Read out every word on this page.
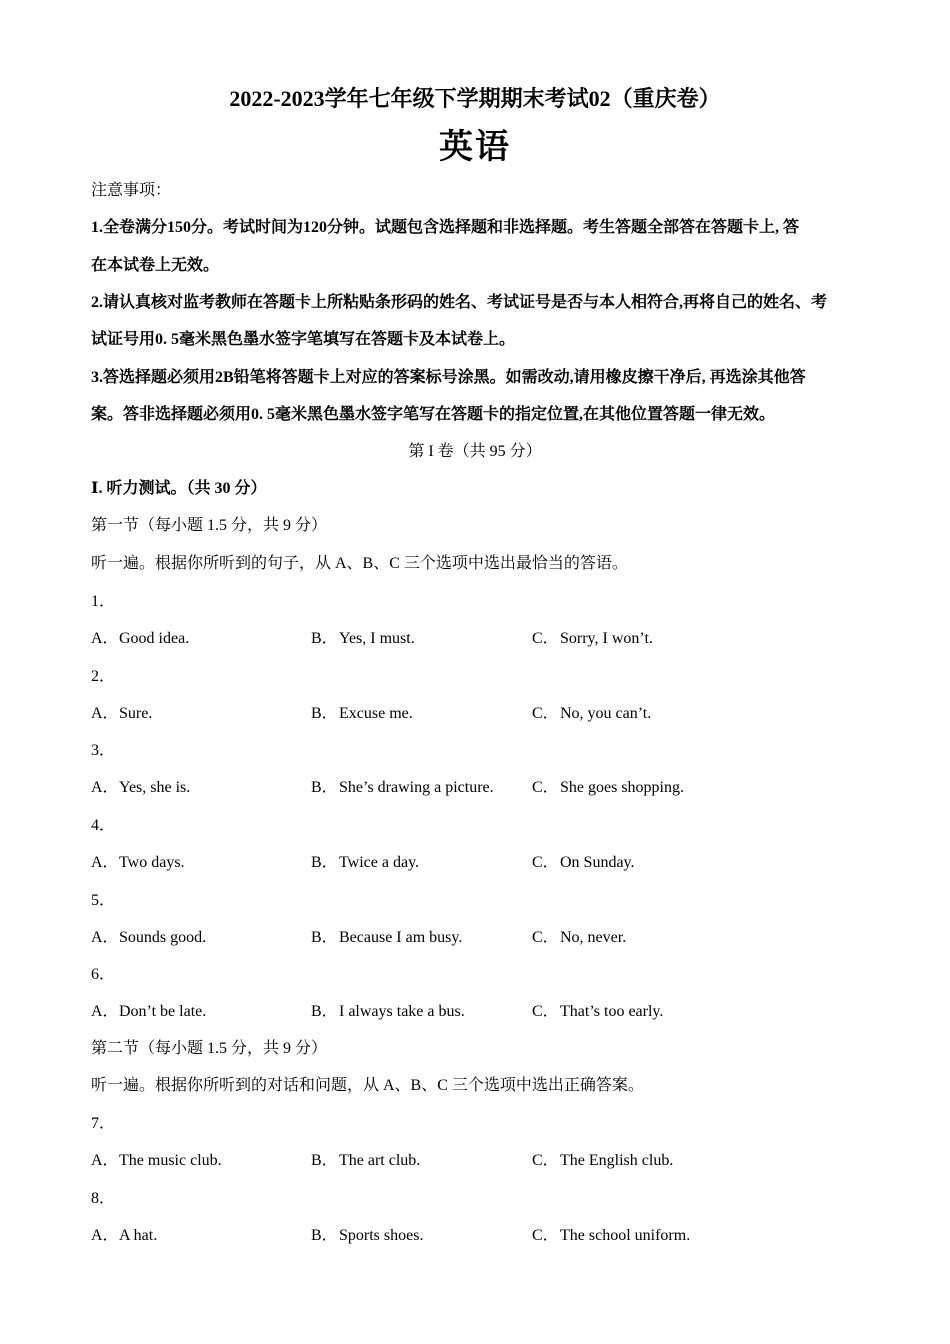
2022-2023学年七年级下学期期末考试02（重庆卷）
英语
注意事项：
1.全卷满分150分。考试时间为120分钟。试题包含选择题和非选择题。考生答题全部答在答题卡上, 答
在本试卷上无效。
2.请认真核对监考教师在答题卡上所粘贴条形码的姓名、考试证号是否与本人相符合,再将自己的姓名、考
试证号用0. 5毫米黑色墨水签字笔填写在答题卡及本试卷上。
3.答选择题必须用2B铅笔将答题卡上对应的答案标号涂黑。如需改动,请用橡皮擦干净后, 再选涂其他答
案。答非选择题必须用0. 5毫米黑色墨水签字笔写在答题卡的指定位置,在其他位置答题一律无效。
第 I 卷（共 95 分）
Ⅰ. 听力测试。（共 30 分）
第一节（每小题 1.5 分，共 9 分）
听一遍。根据你所听到的句子，从 A、B、C 三个选项中选出最恰当的答语。
第二节（每小题 1.5 分，共 9 分）
听一遍。根据你所听到的对话和问题，从 A、B、C 三个选项中选出正确答案。
1．
A．Good idea.	B．Yes, I must.	C．Sorry, I won’t.
2．
A．Sure.	B．Excuse me.	C．No, you can’t.
3．
A．Yes, she is.	B．She’s drawing a picture. C．She goes shopping.
4．
A．Two days.	B．Twice a day.	C．On Sunday.
5．
A．Sounds good.	B．Because I am busy.	C．No, never.
6．
A．Don’t be late.	B．I always take a bus.	C．That’s too early.
7．
A．The music club.	B．The art club.	C．The English club.
8．
A．A hat.	B．Sports shoes.	C．The school uniform.
